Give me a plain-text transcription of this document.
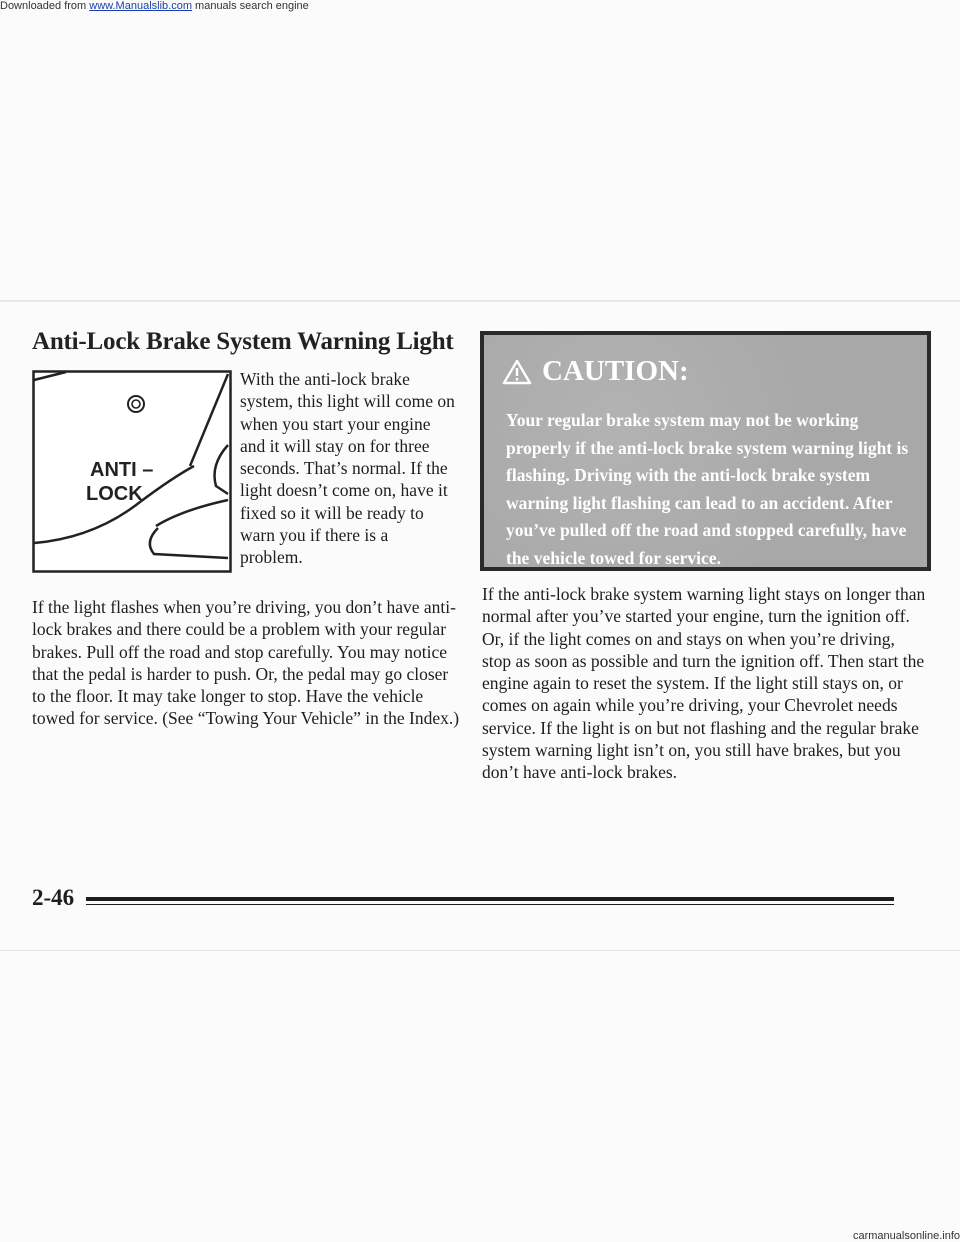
Downloaded from www.Manualslib.com manuals search engine
Anti-Lock Brake System Warning Light
ANTI –
LOCK
With the anti-lock brake system, this light will come on when you start your engine and it will stay on for three seconds. That’s normal. If the light doesn’t come on, have it fixed so it will be ready to warn you if there is a problem.
If the light flashes when you’re driving, you don’t have anti-lock brakes and there could be a problem with your regular brakes. Pull off the road and stop carefully. You may notice that the pedal is harder to push. Or, the pedal may go closer to the floor. It may take longer to stop. Have the vehicle towed for service. (See “Towing Your Vehicle” in the Index.)
CAUTION:
Your regular brake system may not be working properly if the anti-lock brake system warning light is flashing. Driving with the anti-lock brake system warning light flashing can lead to an accident. After you’ve pulled off the road and stopped carefully, have the vehicle towed for service.
If the anti-lock brake system warning light stays on longer than normal after you’ve started your engine, turn the ignition off. Or, if the light comes on and stays on when you’re driving, stop as soon as possible and turn the ignition off. Then start the engine again to reset the system. If the light still stays on, or comes on again while you’re driving, your Chevrolet needs service. If the light is on but not flashing and the regular brake system warning light isn’t on, you still have brakes, but you don’t have anti-lock brakes.
2-46
carmanualsonline.info
